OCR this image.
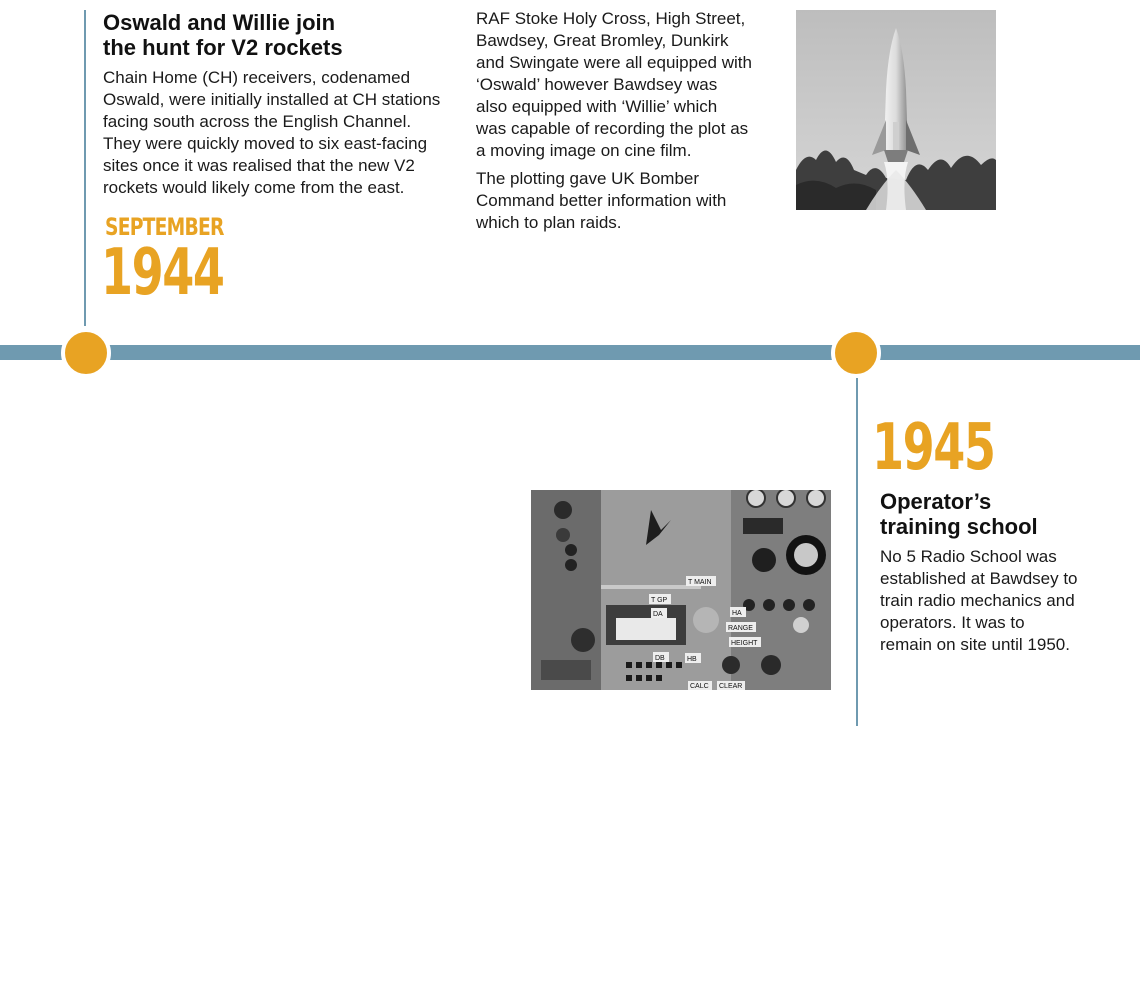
Oswald and Willie join
the hunt for V2 rockets

Chain Home (CH) receivers, codenamed
Oswald, were initially installed at CH stations
facing south across the English Channel.
They were quickly moved to six east-facing
sites once it was realised that the new V2
rockets would likely come from the east.

SEPTEMBER
1944

RAF Stoke Holy Cross, High Street,
Bawdsey, Great Bromley, Dunkirk
and Swingate were all equipped with
‘Oswald’ however Bawdsey was
also equipped with ‘Willie’ which
was capable of recording the plot as
a moving image on cine film.

The plotting gave UK Bomber
Command better information with
which to plan raids.

T MAIN
T GP
DA	HA
RANGE
HEIGHT
DB	HB
CALC CLEAR
1945
Operator’s
training school

No 5 Radio School was
established at Bawdsey to
train radio mechanics and
operators. It was to
remain on site until 1950.
